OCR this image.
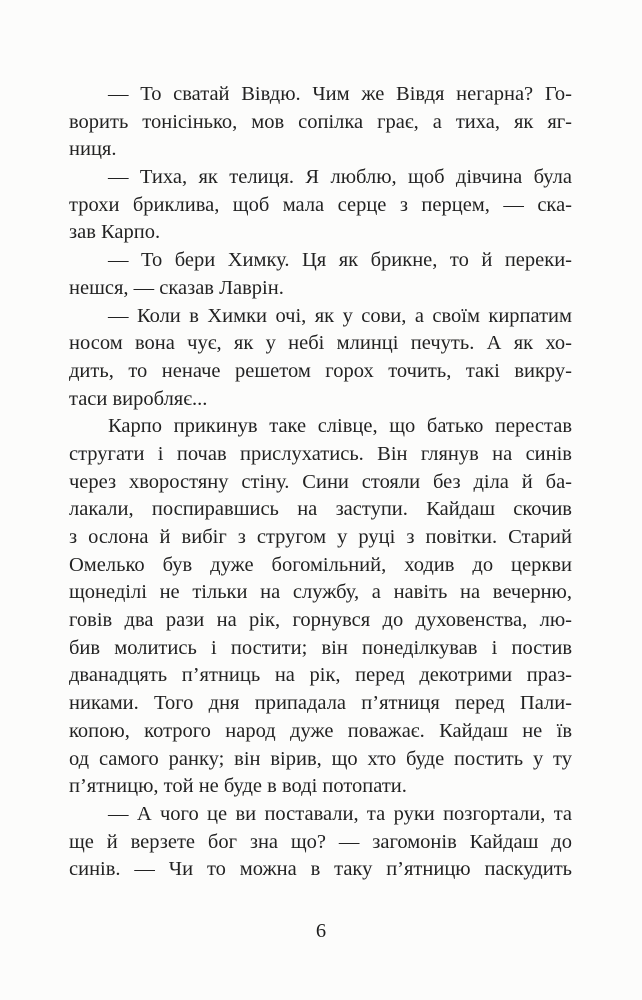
— То сватай Вівдю. Чим же Вівдя негарна? Го-
ворить тонісінько, мов сопілка грає, а тиха, як яг-
ниця.

— Тиха, як телиця. Я люблю, щоб дівчина була
трохи бриклива, щоб мала серце з перцем, — ска-
зав Карпо.

— То бери Химку. Ця як брикне, то й переки-
нешся, — сказав Лаврін.

— Коли в Химки очі, як у сови, а своїм кирпатим
носом вона чує, як у небі млинці печуть. А як хо-
дить, то неначе решетом горох точить, такі викру-
таси виробляє...

Карпо прикинув таке слівце, що батько перестав
стругати і почав прислухатись. Він глянув на синів
через хворостяну стіну. Сини стояли без діла й ба-
лакали, поспиравшись на заступи. Кайдаш скочив
з ослона й вибіг з стругом у руці з повітки. Старий
Омелько був дуже богомільний, ходив до церкви
щонеділі не тільки на службу, а навіть на вечерню,
говів два рази на рік, горнувся до духовенства, лю-
бив молитись і постити; він понеділкував і постив
дванадцять п’ятниць на рік, перед декотрими праз-
никами. Того дня припадала п’ятниця перед Пали-
копою, котрого народ дуже поважає. Кайдаш не їв
од самого ранку; він вірив, що хто буде постить у ту
п’ятницю, той не буде в воді потопати.

— А чого це ви поставали, та руки позгортали, та
ще й верзете бог зна що? — загомонів Кайдаш до
синів. — Чи то можна в таку п’ятницю паскудить

6
